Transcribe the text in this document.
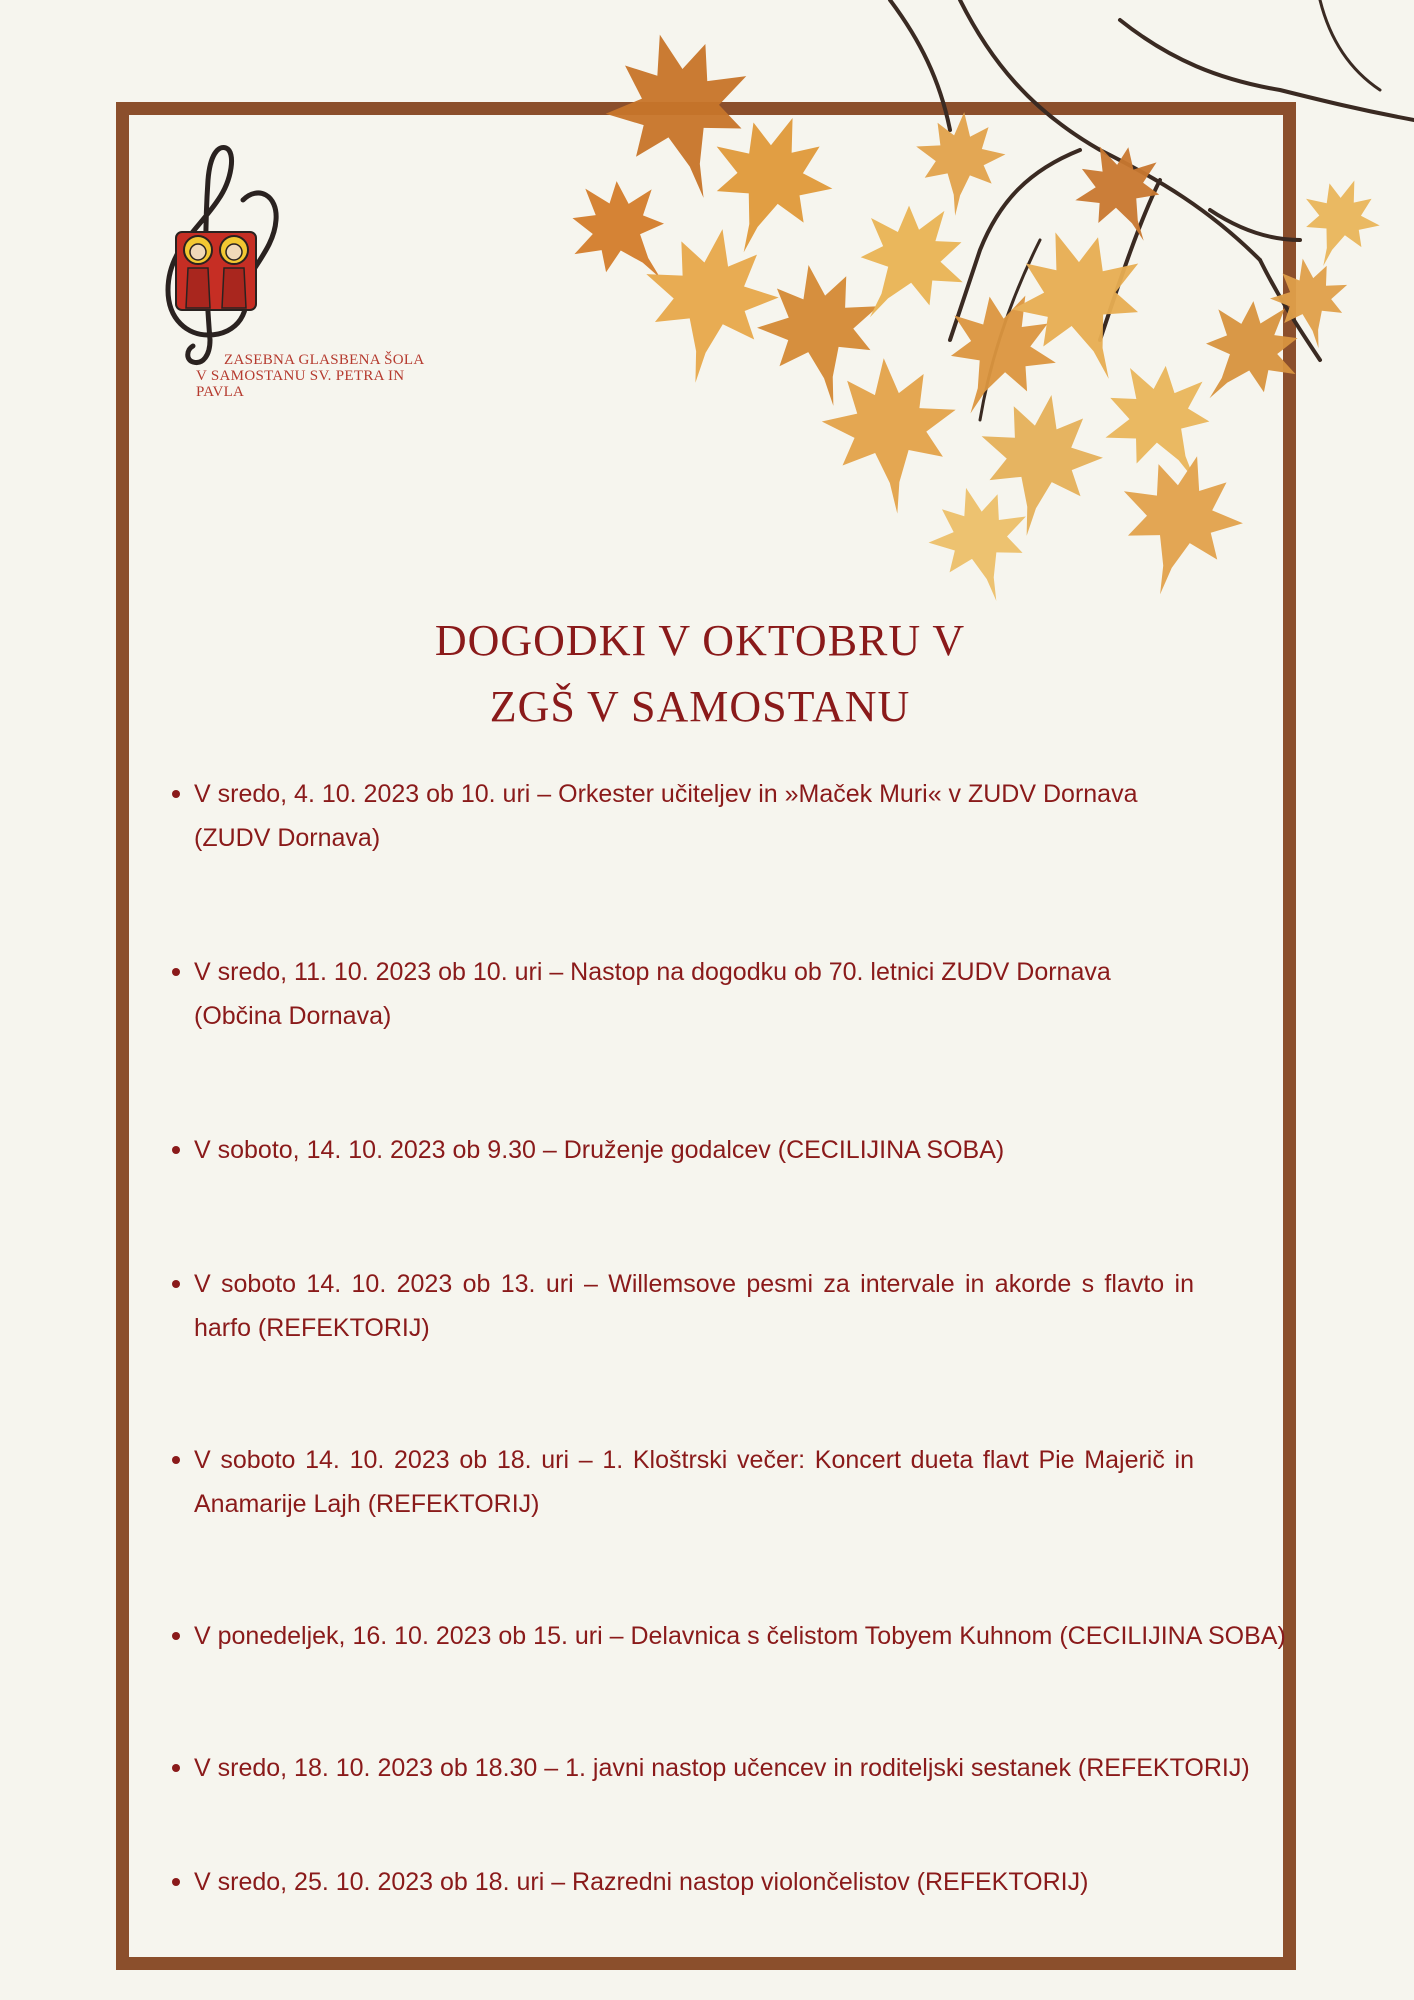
ZASEBNA GLASBENA ŠOLA
V SAMOSTANU SV. PETRA IN PAVLA
DOGODKI V OKTOBRU V
ZGŠ V SAMOSTANU
V sredo, 4. 10. 2023 ob 10. uri – Orkester učiteljev in »Maček Muri« v ZUDV Dornava (ZUDV Dornava)
V sredo, 11. 10. 2023 ob 10. uri – Nastop na dogodku ob 70. letnici ZUDV Dornava (Občina Dornava)
V soboto, 14. 10. 2023 ob 9.30 – Druženje godalcev (CECILIJINA SOBA)
V soboto 14. 10. 2023 ob 13. uri – Willemsove pesmi za intervale in akorde s flavto in harfo (REFEKTORIJ)
V soboto 14. 10. 2023 ob 18. uri – 1. Kloštrski večer: Koncert dueta flavt Pie Majerič in Anamarije Lajh (REFEKTORIJ)
V ponedeljek, 16. 10. 2023 ob 15. uri – Delavnica s čelistom Tobyem Kuhnom (CECILIJINA SOBA)
V sredo, 18. 10. 2023 ob 18.30 – 1. javni nastop učencev in roditeljski sestanek (REFEKTORIJ)
V sredo, 25. 10. 2023 ob 18. uri – Razredni nastop violončelistov (REFEKTORIJ)
